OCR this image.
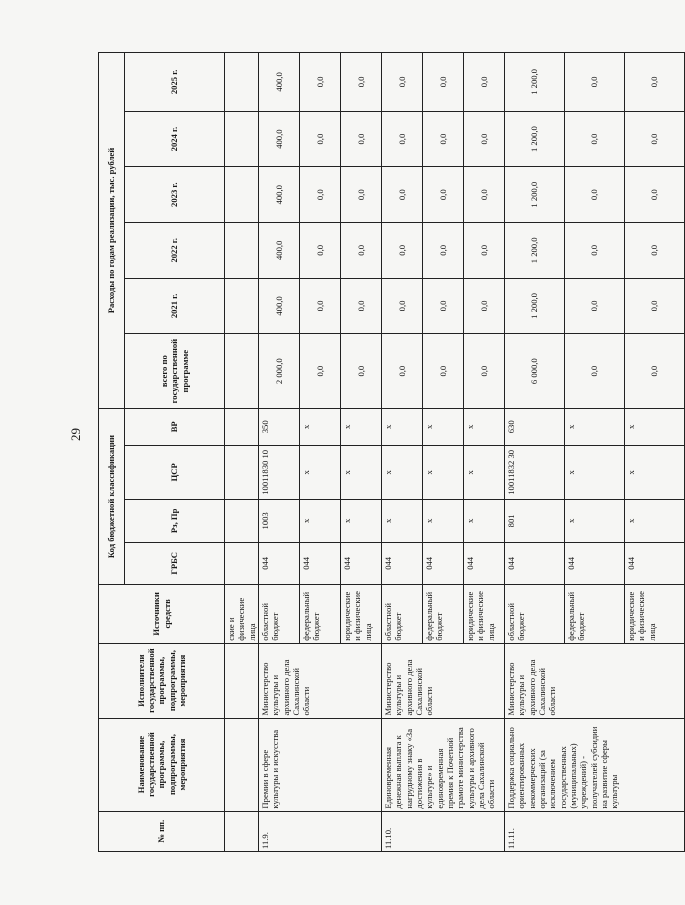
29
№ пп.	Наименование государственной программы, подпрограммы, мероприятия	Исполнители государственной программы, подпрограммы, мероприятия	Источники средств	Код бюджетной классификации				Расходы по годам реализации, тыс. рублей					
				ГРБС	Рз, Пр	ЦСР	ВР	всего по государственной программе	2021 г.	2022 г.	2023 г.	2024 г.	2025 г.

			ские и физические лица										
11.9.	Премии в сфере культуры и искусства	Министерство культуры и архивного дела Сахалинской области	областной бюджет	044	1003	10011830 10	350	2 000,0	400,0	400,0	400,0	400,0	400,0
			федеральный бюджет	044	x	x	x	0,0	0,0	0,0	0,0	0,0	0,0
			юридические и физические лица	044	x	x	x	0,0	0,0	0,0	0,0	0,0	0,0
11.10.	Единовременная денежная выплата к нагрудному знаку «За достижения в культуре» и единовременная премия к Почетной грамоте министерства культуры и архивного дела Сахалинской области	Министерство культуры и архивного дела Сахалинской области	областной бюджет	044	x	x	x	0,0	0,0	0,0	0,0	0,0	0,0
			федеральный бюджет	044	x	x	x	0,0	0,0	0,0	0,0	0,0	0,0
			юридические и физические лица	044	x	x	x	0,0	0,0	0,0	0,0	0,0	0,0
11.11.	Поддержка социально ориентированных некоммерческих организаций (за исключением государственных (муниципальных) учреждений) - получателей субсидии на развитие сферы культуры	Министерство культуры и архивного дела Сахалинской области	областной бюджет	044	801	10011832 30	630	6 000,0	1 200,0	1 200,0	1 200,0	1 200,0	1 200,0
			федеральный бюджет	044	x	x	x	0,0	0,0	0,0	0,0	0,0	0,0
			юридические и физические лица	044	x	x	x	0,0	0,0	0,0	0,0	0,0	0,0
